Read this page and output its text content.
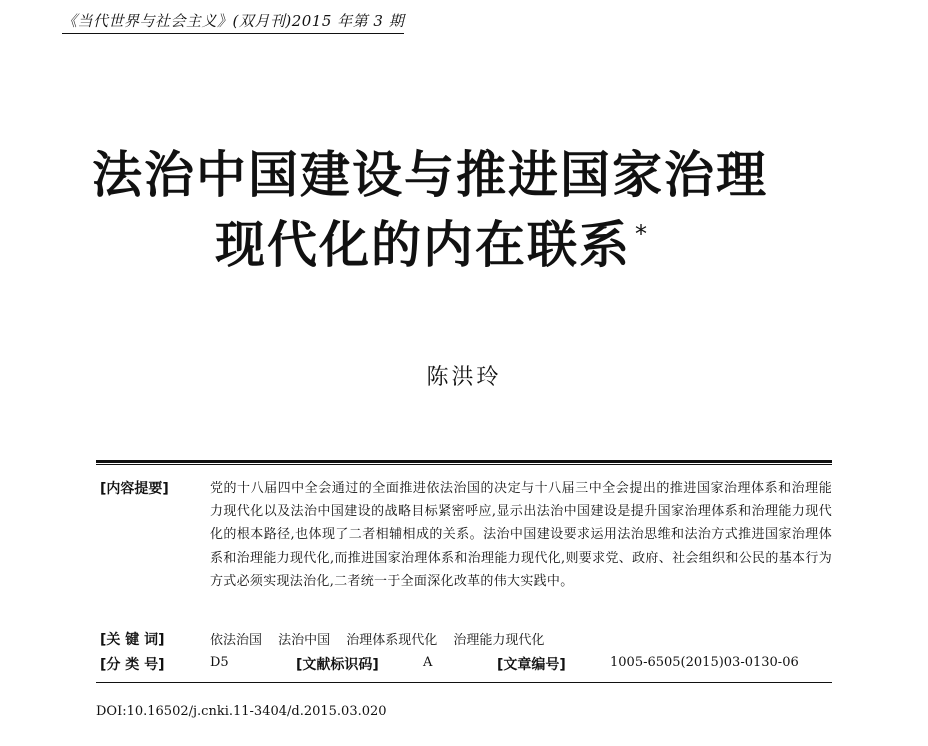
《当代世界与社会主义》(双月刊)2015 年第 3 期
法治中国建设与推进国家治理
现代化的内在联系 *
陈洪玲
[内容提要]	党的十八届四中全会通过的全面推进依法治国的决定与十八届三中全会提出的推进国家治理体系和治理能力现代化以及法治中国建设的战略目标紧密呼应,显示出法治中国建设是提升国家治理体系和治理能力现代化的根本路径,也体现了二者相辅相成的关系。法治中国建设要求运用法治思维和法治方式推进国家治理体系和治理能力现代化,而推进国家治理体系和治理能力现代化,则要求党、政府、社会组织和公民的基本行为方式必须实现法治化,二者统一于全面深化改革的伟大实践中。
[关 键 词]	依法治国 法治中国 治理体系现代化 治理能力现代化
[分 类 号]	D5	[文献标识码]	A	[文章编号]	1005-6505(2015)03-0130-06
DOI:10.16502/j.cnki.11-3404/d.2015.03.020
